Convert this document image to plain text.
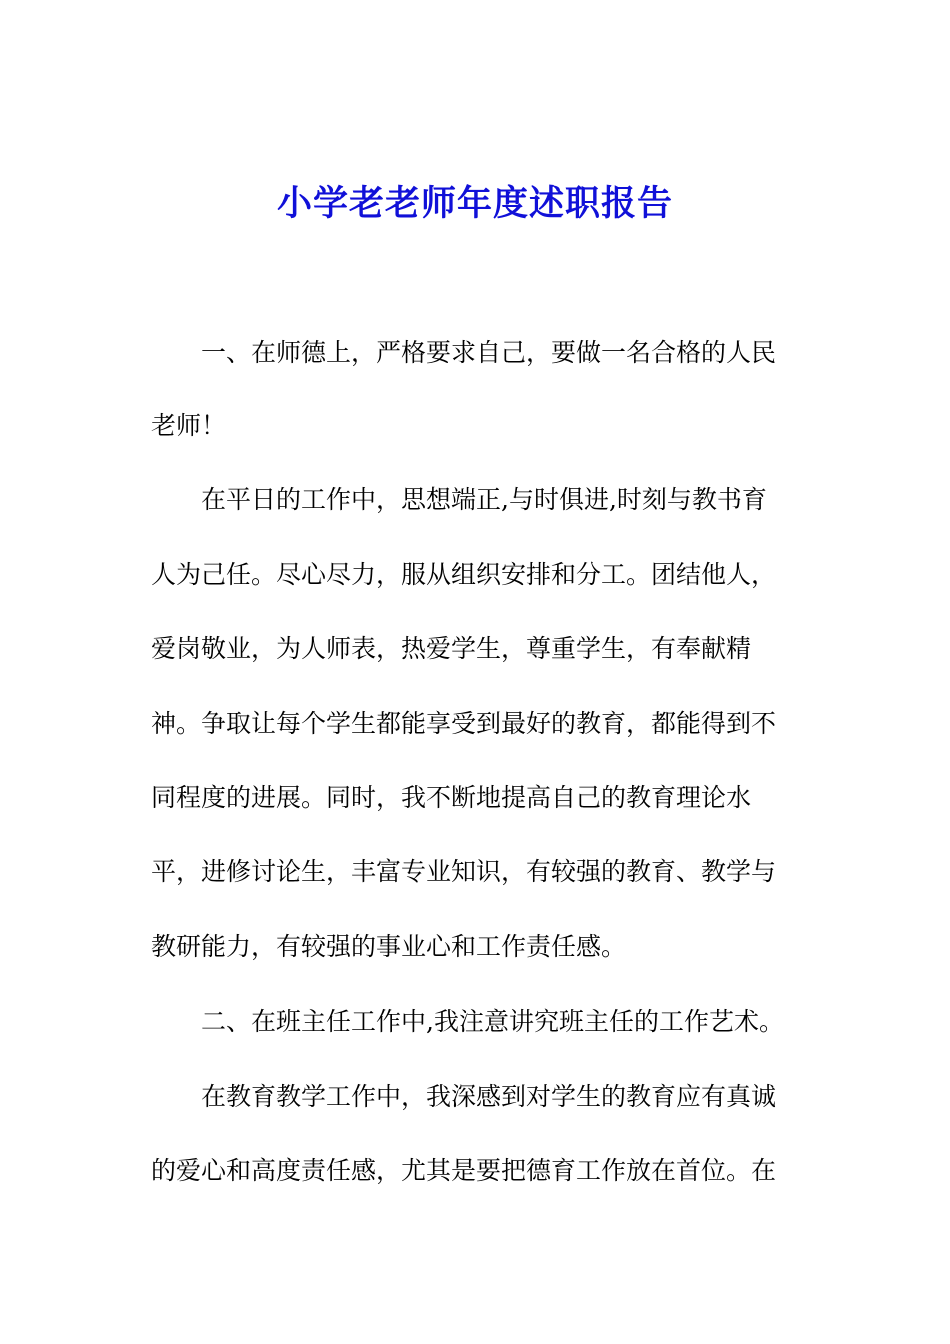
小学老老师年度述职报告

一、在师德上，严格要求自己，要做一名合格的人民

老师！

在平日的工作中，思想端正,与时俱进,时刻与教书育

人为己任。尽心尽力，服从组织安排和分工。团结他人，

爱岗敬业，为人师表，热爱学生，尊重学生，有奉献精

神。争取让每个学生都能享受到最好的教育，都能得到不

同程度的进展。同时，我不断地提高自己的教育理论水

平，进修讨论生，丰富专业知识，有较强的教育、教学与

教研能力，有较强的事业心和工作责任感。

二、在班主任工作中,我注意讲究班主任的工作艺术。

在教育教学工作中，我深感到对学生的教育应有真诚

的爱心和高度责任感，尤其是要把德育工作放在首位。在
